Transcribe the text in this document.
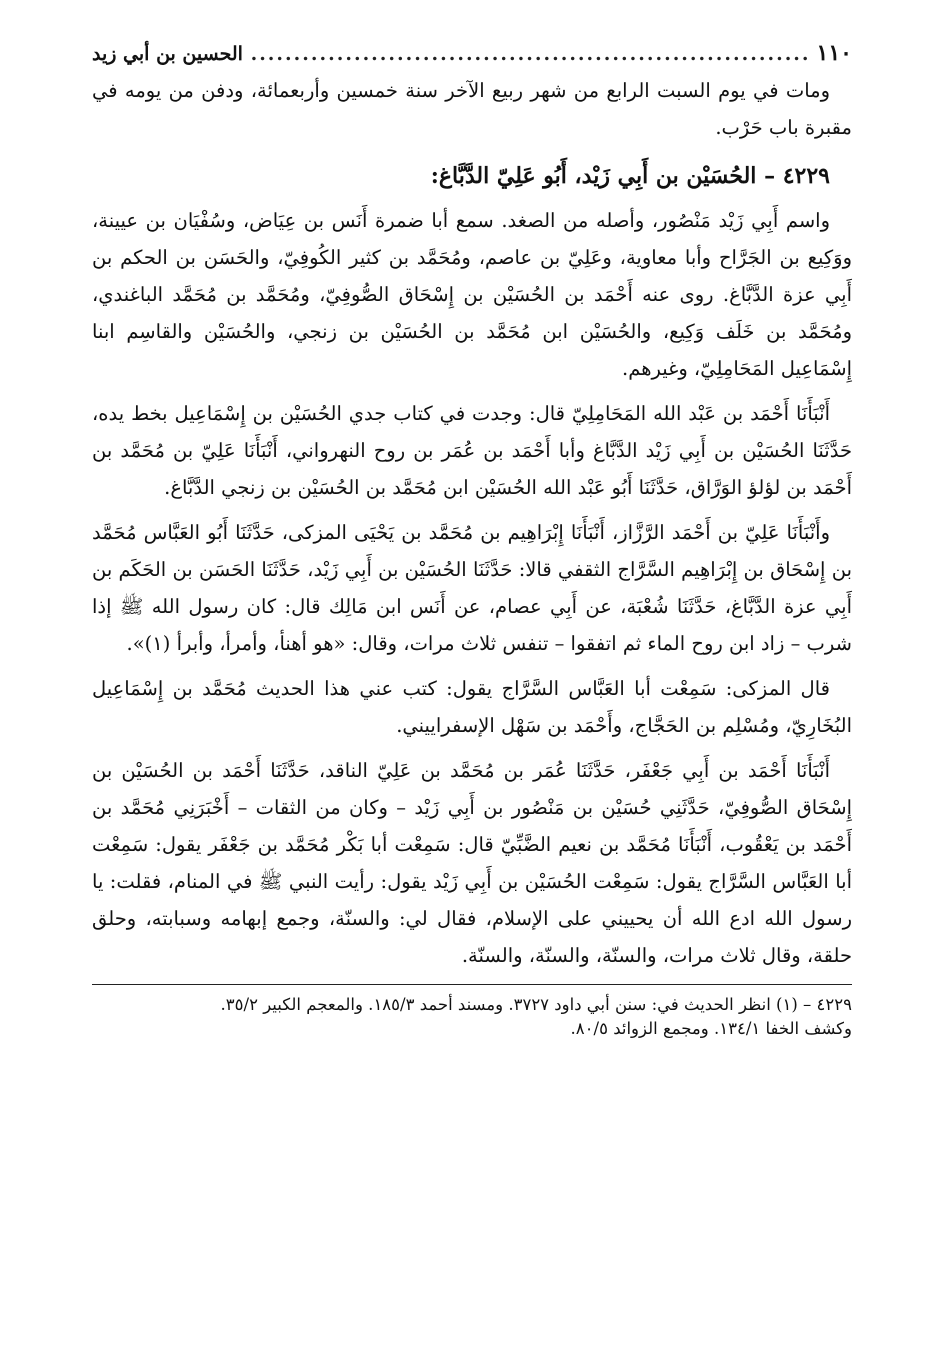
١١٠
.....
الحسين بن أبي زيد

ومات في يوم السبت الرابع من شهر ربيع الآخر سنة خمسين وأربعمائة، ودفن من يومه في مقبرة باب حَرْب.

٤٢٢٩ – الحُسَيْن بن أَبِي زَيْد، أَبُو عَلِيّ الدَّبَّاغ:

واسم أَبِي زَيْد مَنْصُور، وأصله من الصغد. سمع أبا ضمرة أَنَس بن عِيَاض، وسُفْيَان بن عيينة، ووَكِيع بن الجَرَّاح وأبا معاوية، وعَلِيّ بن عاصم، ومُحَمَّد بن كثير الكُوفِيّ، والحَسَن بن الحكم بن أَبِي عزة الدَّبَّاغ. روى عنه أَحْمَد بن الحُسَيْن بن إِسْحَاق الصُّوفِيّ، ومُحَمَّد بن مُحَمَّد الباغندي، ومُحَمَّد بن خَلَف وَكِيع، والحُسَيْن ابن مُحَمَّد بن الحُسَيْن بن زنجي، والحُسَيْن والقاسِم ابنا إِسْمَاعِيل المَحَامِلِيّ، وغيرهم.

أَنْبَأَنَا أَحْمَد بن عَبْد الله المَحَامِلِيّ قال: وجدت في كتاب جدي الحُسَيْن بن إِسْمَاعِيل بخط يده، حَدَّثَنَا الحُسَيْن بن أَبِي زَيْد الدَّبَّاغ وأبا أَحْمَد بن عُمَر بن روح النهرواني، أَنْبَأَنَا عَلِيّ بن مُحَمَّد بن أَحْمَد بن لؤلؤ الوَرَّاق، حَدَّثَنَا أَبُو عَبْد الله الحُسَيْن ابن مُحَمَّد بن الحُسَيْن بن زنجي الدَّبَّاغ.

وأَنْبَأَنَا عَلِيّ بن أَحْمَد الرَّزَّاز، أَنْبَأَنَا إِبْرَاهِيم بن مُحَمَّد بن يَحْيَى المزكى، حَدَّثَنَا أَبُو العَبَّاس مُحَمَّد بن إِسْحَاق بن إِبْرَاهِيم السَّرَّاج الثقفي قالا: حَدَّثَنَا الحُسَيْن بن أَبِي زَيْد، حَدَّثَنَا الحَسَن بن الحَكَم بن أَبِي عزة الدَّبَّاغ، حَدَّثَنَا شُعْبَة، عن أَبِي عصام، عن أَنَس ابن مَالِك قال: كان رسول الله ﷺ إذا شرب – زاد ابن روح الماء ثم اتفقوا – تنفس ثلاث مرات، وقال: «هو أهنأ، وأمرأ، وأبرأ (١)».

قال المزكى: سَمِعْت أبا العَبَّاس السَّرَّاج يقول: كتب عني هذا الحديث مُحَمَّد بن إِسْمَاعِيل البُخَارِيّ، ومُسْلِم بن الحَجَّاج، وأَحْمَد بن سَهْل الإسفراييني.

أَنْبَأَنَا أَحْمَد بن أَبِي جَعْفَر، حَدَّثَنَا عُمَر بن مُحَمَّد بن عَلِيّ الناقد، حَدَّثَنَا أَحْمَد بن الحُسَيْن بن إِسْحَاق الصُّوفِيّ، حَدَّثَنِي حُسَيْن بن مَنْصُور بن أَبِي زَيْد – وكان من الثقات – أَخْبَرَنِي مُحَمَّد بن أَحْمَد بن يَعْقُوب، أَنْبَأَنَا مُحَمَّد بن نعيم الضَّبِّيّ قال: سَمِعْت أبا بَكْر مُحَمَّد بن جَعْفَر يقول: سَمِعْت أبا العَبَّاس السَّرَّاج يقول: سَمِعْت الحُسَيْن بن أَبِي زَيْد يقول: رأيت النبي ﷺ في المنام، فقلت: يا رسول الله ادع الله أن يحييني على الإسلام، فقال لي: والسنّة، وجمع إبهامه وسبابته، وحلق حلقة، وقال ثلاث مرات، والسنّة، والسنّة، والسنّة.

٤٢٢٩ – (١) انظر الحديث في: سنن أبي داود ٣٧٢٧. ومسند أحمد ١٨٥/٣. والمعجم الكبير ٣٥/٢.

وكشف الخفا ١٣٤/١. ومجمع الزوائد ٨٠/٥.
